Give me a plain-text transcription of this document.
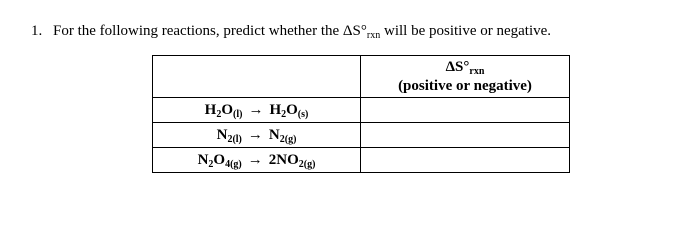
1. For the following reactions, predict whether the $\Delta S^\circ_{rxn}$ will be positive or negative.

	$\Delta S^\circ_{rxn}$
(positive or negative)

$H_2O_{(l)} \to H_2O_{(s)}$	
$N_{2(l)} \to N_{2(g)}$	
$N_2O_{4(g)} \to 2NO_{2(g)}$	
